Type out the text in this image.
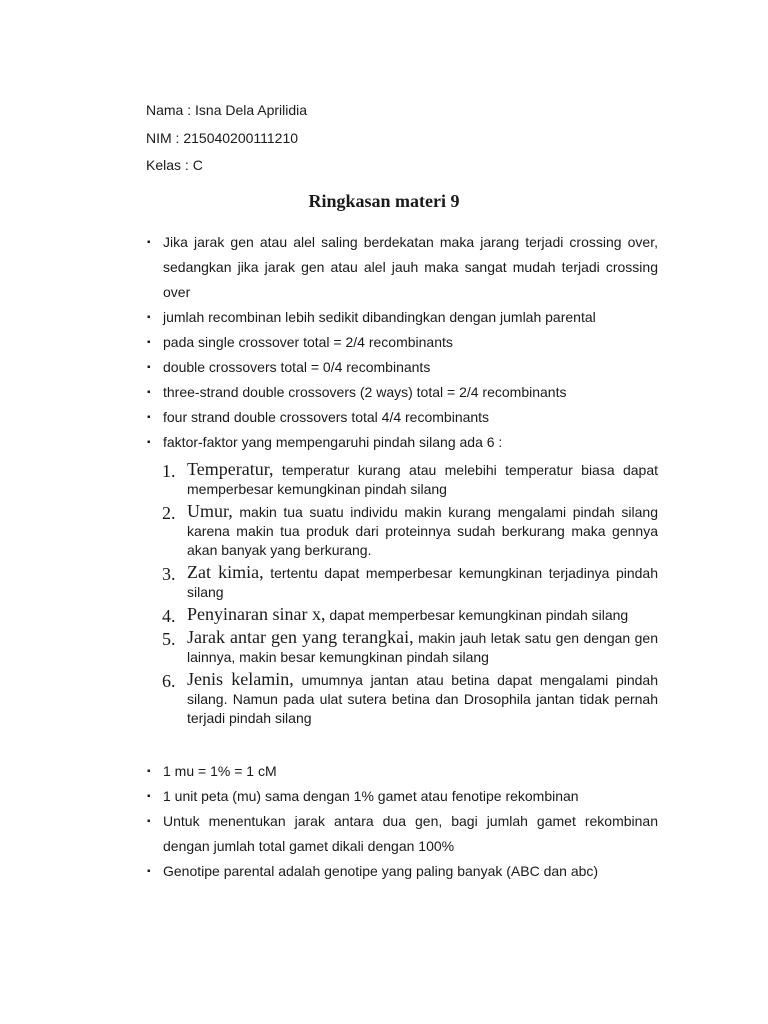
Nama : Isna Dela Aprilidia

NIM : 215040200111210

Kelas : C

Ringkasan materi 9
▪ Jika jarak gen atau alel saling berdekatan maka jarang terjadi crossing over, sedangkan jika jarak gen atau alel jauh maka sangat mudah terjadi crossing over
▪ jumlah recombinan lebih sedikit dibandingkan dengan jumlah parental
▪ pada single crossover total = 2/4 recombinants
▪ double crossovers total = 0/4 recombinants
▪ three-strand double crossovers (2 ways) total = 2/4 recombinants
▪ four strand double crossovers total 4/4 recombinants
▪ faktor-faktor yang mempengaruhi pindah silang ada 6 :
1. Temperatur, temperatur kurang atau melebihi temperatur biasa dapat memperbesar kemungkinan pindah silang
2. Umur, makin tua suatu individu makin kurang mengalami pindah silang karena makin tua produk dari proteinnya sudah berkurang maka gennya akan banyak yang berkurang.
3. Zat kimia, tertentu dapat memperbesar kemungkinan terjadinya pindah silang
4. Penyinaran sinar x, dapat memperbesar kemungkinan pindah silang
5. Jarak antar gen yang terangkai, makin jauh letak satu gen dengan gen lainnya, makin besar kemungkinan pindah silang
6. Jenis kelamin, umumnya jantan atau betina dapat mengalami pindah silang. Namun pada ulat sutera betina dan Drosophila jantan tidak pernah terjadi pindah silang
▪ 1 mu = 1% = 1 cM
▪ 1 unit peta (mu) sama dengan 1% gamet atau fenotipe rekombinan
▪ Untuk menentukan jarak antara dua gen, bagi jumlah gamet rekombinan dengan jumlah total gamet dikali dengan 100%
▪ Genotipe parental adalah genotipe yang paling banyak (ABC dan abc)
